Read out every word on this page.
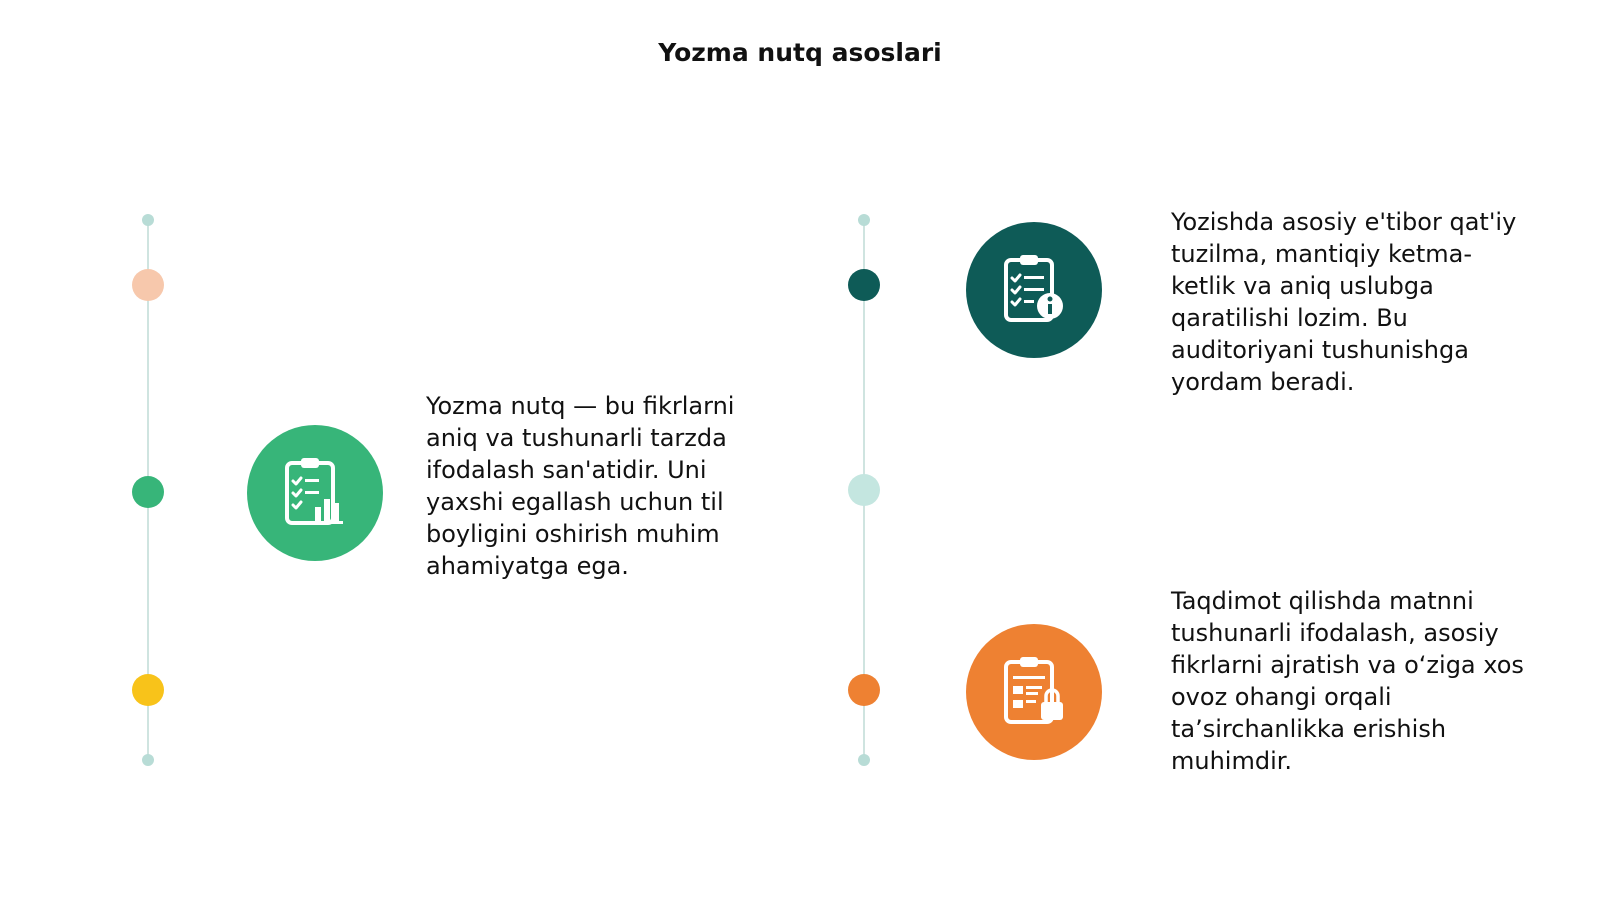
Yozma nutq asoslari

Yozma nutq — bu fikrlarni aniq va tushunarli tarzda ifodalash san'atidir. Uni yaxshi egallash uchun til boyligini oshirish muhim ahamiyatga ega.

Yozishda asosiy e'tibor qat'iy tuzilma, mantiqiy ketma-ketlik va aniq uslubga qaratilishi lozim. Bu auditoriyani tushunishga yordam beradi.

Taqdimot qilishda matnni tushunarli ifodalash, asosiy fikrlarni ajratish va o‘ziga xos ovoz ohangi orqali ta’sirchanlikka erishish muhimdir.
